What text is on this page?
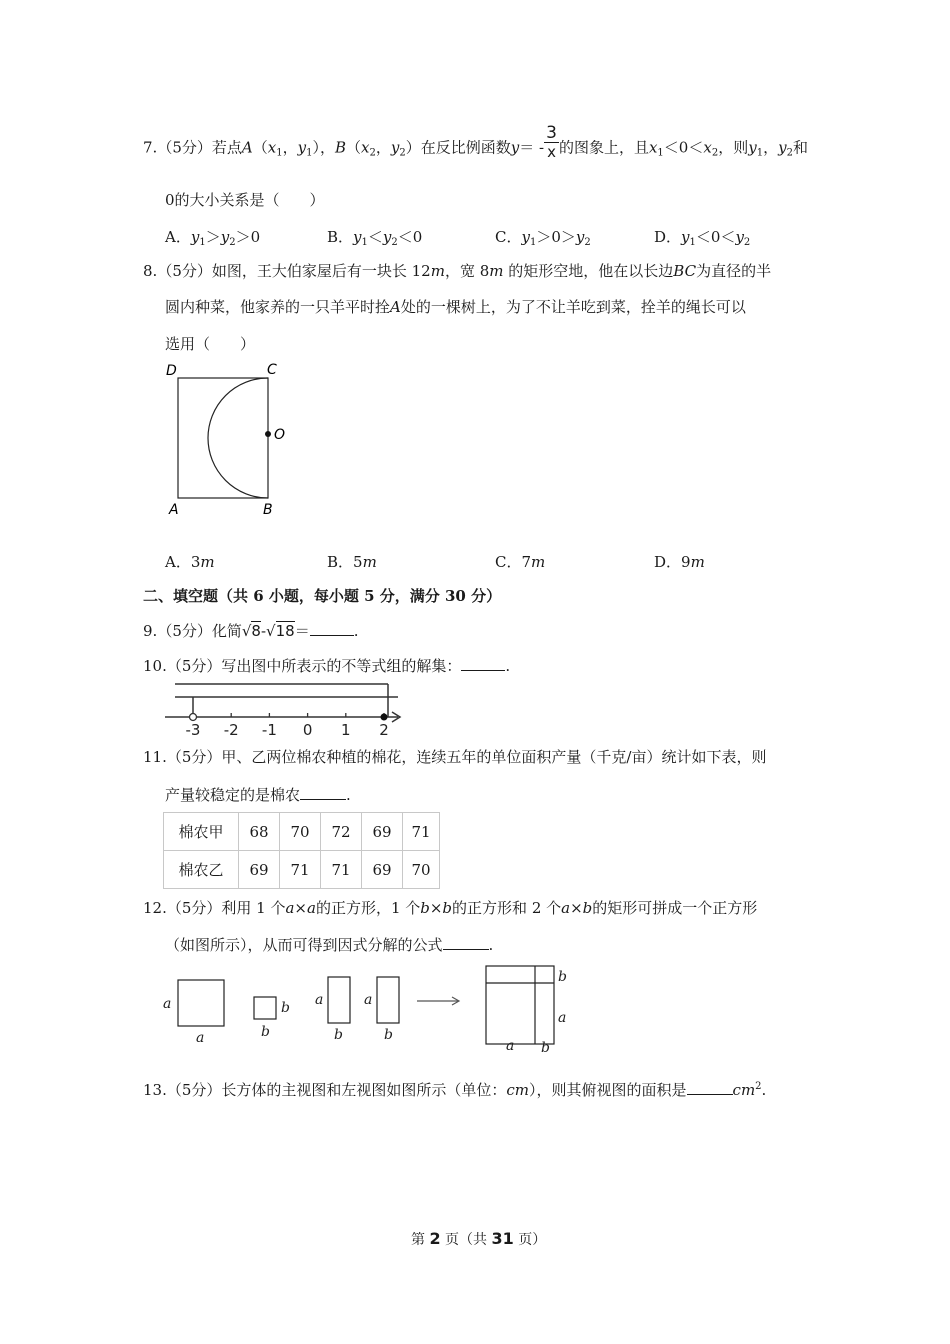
7.（5分）若点$A(x_1$，$y_1$），$B(x_2$，$y_2$）在反比例函数$y= - \frac{3}{x}$ 的图象上，且$x_1<0<x_2$，则$y_1$，$y_2$和
0的大小关系是（　　）
A．$y_1>y_2>0$	B．$y_1<y_2<0$	C．$y_1>0>y_2$	D．$y_1<0<y_2$
8.（5分）如图，王大伯家屋后有一块长 12m，宽 8m 的矩形空地，他在以长边BC为直径的半
圆内种菜，他家养的一只羊平时拴A处的一棵树上，为了不让羊吃到菜，拴羊的绳长可以
选用（　　）
D	C
O
A	B
A．3m	B．5m	C．7m	D．9m
二、填空题（共 6 小题，每小题 5 分，满分 30 分）
9.（5分）化简√8-√18＝	.
10.（5分）写出图中所表示的不等式组的解集：	.
-3 -2 -1 0 1 2
11.（5分）甲、乙两位棉农种植的棉花，连续五年的单位面积产量（千克/亩）统计如下表，则
产量较稳定的是棉农	.
棉农甲	68	70	72	69	71
棉农乙	69	71	71	69	70
12.（5分）利用 1 个a×a的正方形，1 个b×b的正方形和 2 个a×b的矩形可拼成一个正方形
（如图所示），从而可得到因式分解的公式	.
a
a
b
b
a
b
a
b
b
a
a b
13.（5分）长方体的主视图和左视图如图所示（单位：cm），则其俯视图的面积是	$cm^2$.
第 2 页（共 31 页）
